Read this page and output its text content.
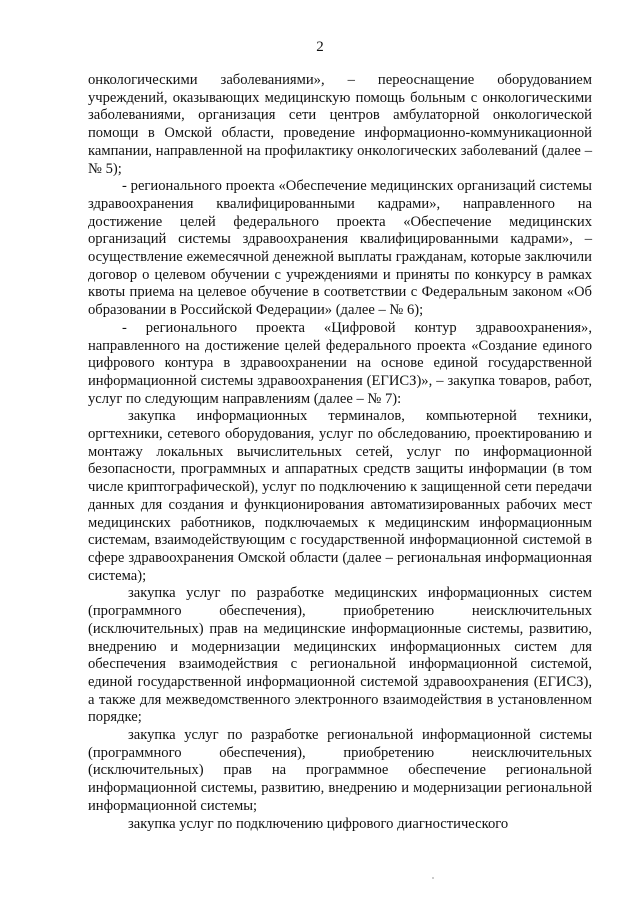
2

онкологическими заболеваниями», – переоснащение оборудованием учреждений, оказывающих медицинскую помощь больным с онкологическими заболеваниями, организация сети центров амбулаторной онкологической помощи в Омской области, проведение информационно-коммуникационной кампании, направленной на профилактику онкологических заболеваний (далее – № 5);

- регионального проекта «Обеспечение медицинских организаций системы здравоохранения квалифицированными кадрами», направленного на достижение целей федерального проекта «Обеспечение медицинских организаций системы здравоохранения квалифицированными кадрами», – осуществление ежемесячной денежной выплаты гражданам, которые заключили договор о целевом обучении с учреждениями и приняты по конкурсу в рамках квоты приема на целевое обучение в соответствии с Федеральным законом «Об образовании в Российской Федерации» (далее – № 6);

- регионального проекта «Цифровой контур здравоохранения», направленного на достижение целей федерального проекта «Создание единого цифрового контура в здравоохранении на основе единой государственной информационной системы здравоохранения (ЕГИСЗ)», – закупка товаров, работ, услуг по следующим направлениям (далее – № 7):

закупка информационных терминалов, компьютерной техники, оргтехники, сетевого оборудования, услуг по обследованию, проектированию и монтажу локальных вычислительных сетей, услуг по информационной безопасности, программных и аппаратных средств защиты информации (в том числе криптографической), услуг по подключению к защищенной сети передачи данных для создания и функционирования автоматизированных рабочих мест медицинских работников, подключаемых к медицинским информационным системам, взаимодействующим с государственной информационной системой в сфере здравоохранения Омской области (далее – региональная информационная система);

закупка услуг по разработке медицинских информационных систем (программного обеспечения), приобретению неисключительных (исключительных) прав на медицинские информационные системы, развитию, внедрению и модернизации медицинских информационных систем для обеспечения взаимодействия с региональной информационной системой, единой государственной информационной системой здравоохранения (ЕГИСЗ), а также для межведомственного электронного взаимодействия в установленном порядке;

закупка услуг по разработке региональной информационной системы (программного обеспечения), приобретению неисключительных (исключительных) прав на программное обеспечение региональной информационной системы, развитию, внедрению и модернизации региональной информационной системы;

закупка услуг по подключению цифрового диагностического
